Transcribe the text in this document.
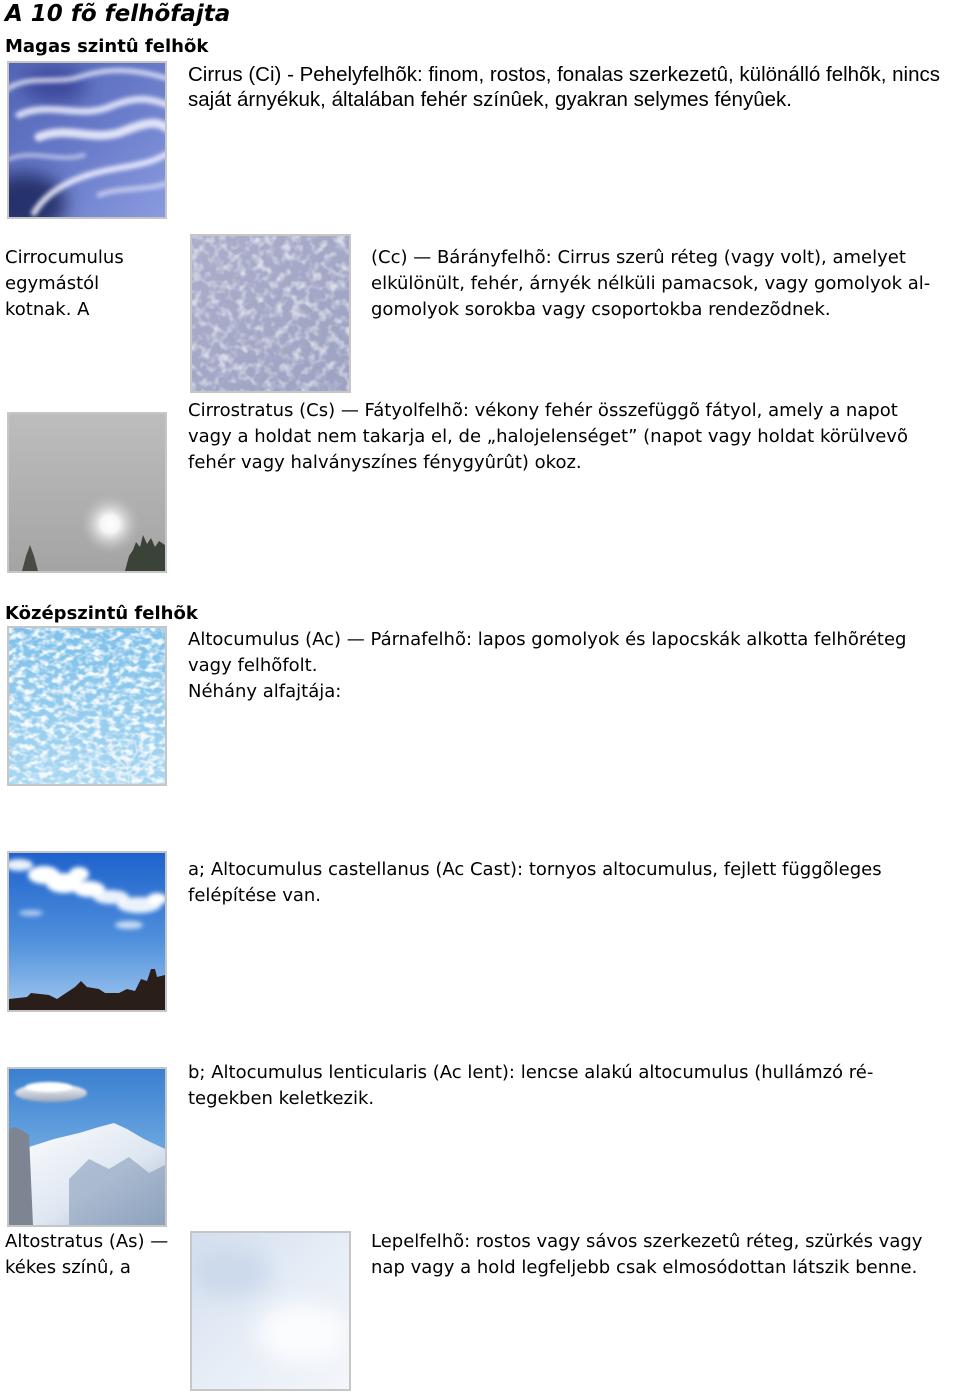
A 10 fõ felhõfajta
Magas szintû felhõk
Cirrus (Ci) - Pehelyfelhõk: finom, rostos, fonalas szerkezetû, különálló felhõk, nincs
saját árnyékuk, általában fehér színûek, gyakran selymes fényûek.
Cirrocumulus
egymástól
kotnak. A
(Cc) — Bárányfelhõ: Cirrus szerû réteg (vagy volt), amelyet
elkülönült, fehér, árnyék nélküli pamacsok, vagy gomolyok al-
gomolyok sorokba vagy csoportokba rendezõdnek.
Cirrostratus (Cs) — Fátyolfelhõ: vékony fehér összefüggõ fátyol, amely a napot
vagy a holdat nem takarja el, de „halojelenséget” (napot vagy holdat körülvevõ
fehér vagy halványszínes fénygyûrût) okoz.
Középszintû felhõk
Altocumulus (Ac) — Párnafelhõ: lapos gomolyok és lapocskák alkotta felhõréteg
vagy felhõfolt.
Néhány alfajtája:
a; Altocumulus castellanus (Ac Cast): tornyos altocumulus, fejlett függõleges
felépítése van.
b; Altocumulus lenticularis (Ac lent): lencse alakú altocumulus (hullámzó ré-
tegekben keletkezik.
Altostratus (As) —
kékes színû, a
Lepelfelhõ: rostos vagy sávos szerkezetû réteg, szürkés vagy
nap vagy a hold legfeljebb csak elmosódottan látszik benne.
